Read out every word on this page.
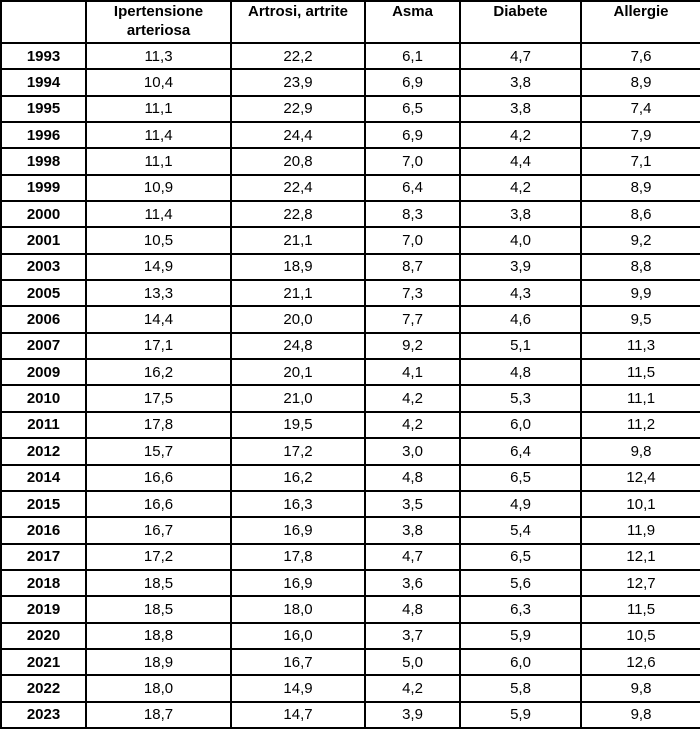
	Ipertensione arteriosa	Artrosi, artrite	Asma	Diabete	Allergie
1993	11,3	22,2	6,1	4,7	7,6
1994	10,4	23,9	6,9	3,8	8,9
1995	11,1	22,9	6,5	3,8	7,4
1996	11,4	24,4	6,9	4,2	7,9
1998	11,1	20,8	7,0	4,4	7,1
1999	10,9	22,4	6,4	4,2	8,9
2000	11,4	22,8	8,3	3,8	8,6
2001	10,5	21,1	7,0	4,0	9,2
2003	14,9	18,9	8,7	3,9	8,8
2005	13,3	21,1	7,3	4,3	9,9
2006	14,4	20,0	7,7	4,6	9,5
2007	17,1	24,8	9,2	5,1	11,3
2009	16,2	20,1	4,1	4,8	11,5
2010	17,5	21,0	4,2	5,3	11,1
2011	17,8	19,5	4,2	6,0	11,2
2012	15,7	17,2	3,0	6,4	9,8
2014	16,6	16,2	4,8	6,5	12,4
2015	16,6	16,3	3,5	4,9	10,1
2016	16,7	16,9	3,8	5,4	11,9
2017	17,2	17,8	4,7	6,5	12,1
2018	18,5	16,9	3,6	5,6	12,7
2019	18,5	18,0	4,8	6,3	11,5
2020	18,8	16,0	3,7	5,9	10,5
2021	18,9	16,7	5,0	6,0	12,6
2022	18,0	14,9	4,2	5,8	9,8
2023	18,7	14,7	3,9	5,9	9,8
